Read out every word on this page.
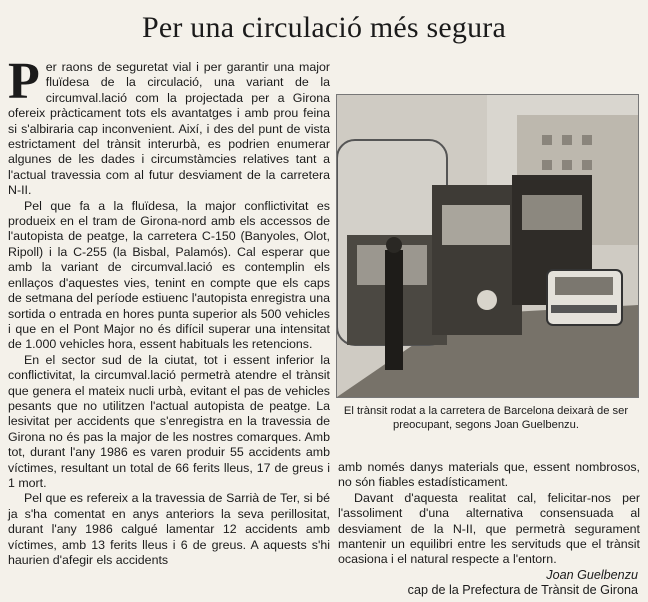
Per una circulació més segura

Per raons de seguretat vial i per garantir una major fluïdesa de la circulació, una variant de la circumval.lació com la projectada per a Girona ofereix pràcticament tots els avantatges i amb prou feina si s'albiraria cap inconvenient. Així, i des del punt de vista estrictament del trànsit interurbà, es podrien enumerar algunes de les dades i circumstàmcies relatives tant a l'actual travessia com al futur desviament de la carretera N-II.

Pel que fa a la fluïdesa, la major conflictivitat es produeix en el tram de Girona-nord amb els accessos de l'autopista de peatge, la carretera C-150 (Banyoles, Olot, Ripoll) i la C-255 (la Bisbal, Palamós). Cal esperar que amb la variant de circumval.lació es contemplin els enllaços d'aquestes vies, tenint en compte que els caps de setmana del període estiuenc l'autopista enregistra una sortida o entrada en hores punta superior als 500 vehicles i que en el Pont Major no és difícil superar una intensitat de 1.000 vehicles hora, essent habituals les retencions.

En el sector sud de la ciutat, tot i essent inferior la conflictivitat, la circumval.lació permetrà atendre el trànsit que genera el mateix nucli urbà, evitant el pas de vehicles pesants que no utilitzen l'actual autopista de peatge. La lesivitat per accidents que s'enregistra en la travessia de Girona no és pas la major de les nostres comarques. Amb tot, durant l'any 1986 es varen produir 55 accidents amb víctimes, resultant un total de 66 ferits lleus, 17 de greus i 1 mort.

Pel que es refereix a la travessia de Sarrià de Ter, si bé ja s'ha comentat en anys anteriors la seva perillositat, durant l'any 1986 calgué lamentar 12 accidents amb víctimes, amb 13 ferits lleus i 6 de greus. A aquests s'hi haurien d'afegir els accidents

El trànsit rodat a la carretera de Barcelona deixarà de ser preocupant, segons Joan Guelbenzu.

amb només danys materials que, essent nombrosos, no són fiables estadísticament.

Davant d'aquesta realitat cal, felicitar-nos per l'assoliment d'una alternativa consensuada al desviament de la N-II, que permetrà segurament mantenir un equilibri entre les servituds que el trànsit ocasiona i el natural respecte a l'entorn.

Joan Guelbenzu
cap de la Prefectura de Trànsit de Girona
